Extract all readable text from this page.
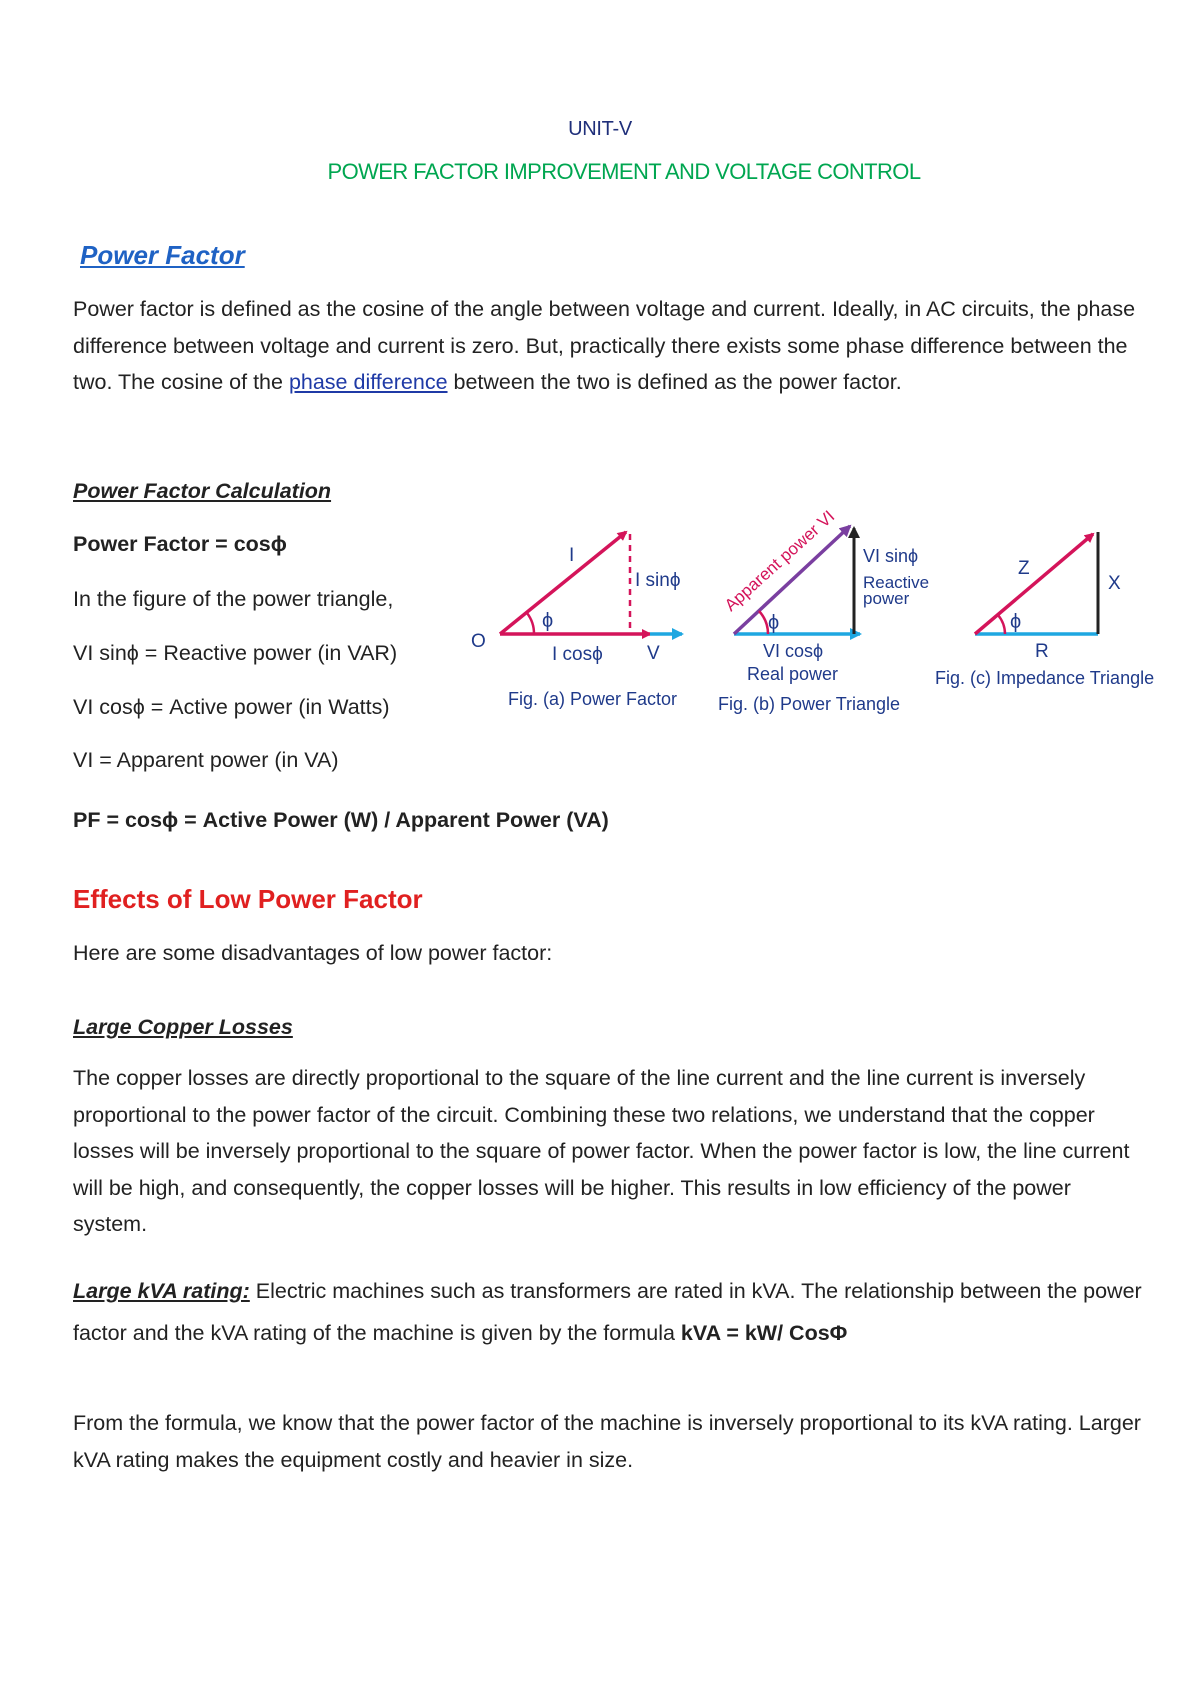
UNIT-V
POWER FACTOR IMPROVEMENT AND VOLTAGE CONTROL
Power Factor
Power factor is defined as the cosine of the angle between voltage and current. Ideally, in AC circuits, the phase difference between voltage and current is zero. But, practically there exists some phase difference between the two. The cosine of the phase difference between the two is defined as the power factor.
Power Factor Calculation
Power Factor = cosϕ
In the figure of the power triangle,
VI sinϕ = Reactive power (in VAR)
VI cosϕ = Active power (in Watts)
VI = Apparent power (in VA)
PF = cosϕ = Active Power (W) / Apparent Power (VA)
I
I sinϕ
ϕ
O
I cosϕ V
Fig. (a) Power Factor
Apparent power VI VI sinϕ
Reactive
power
ϕ
VI cosϕ
Real power
Fig. (b) Power Triangle
Z
X
ϕ
R
Fig. (c) Impedance Triangle
Effects of Low Power Factor
Here are some disadvantages of low power factor:
Large Copper Losses
The copper losses are directly proportional to the square of the line current and the line current is inversely proportional to the power factor of the circuit. Combining these two relations, we understand that the copper losses will be inversely proportional to the square of power factor. When the power factor is low, the line current will be high, and consequently, the copper losses will be higher. This results in low efficiency of the power system.
Large kVA rating: Electric machines such as transformers are rated in kVA. The relationship between the power factor and the kVA rating of the machine is given by the formula kVA = kW/ CosΦ
From the formula, we know that the power factor of the machine is inversely proportional to its kVA rating. Larger kVA rating makes the equipment costly and heavier in size.
